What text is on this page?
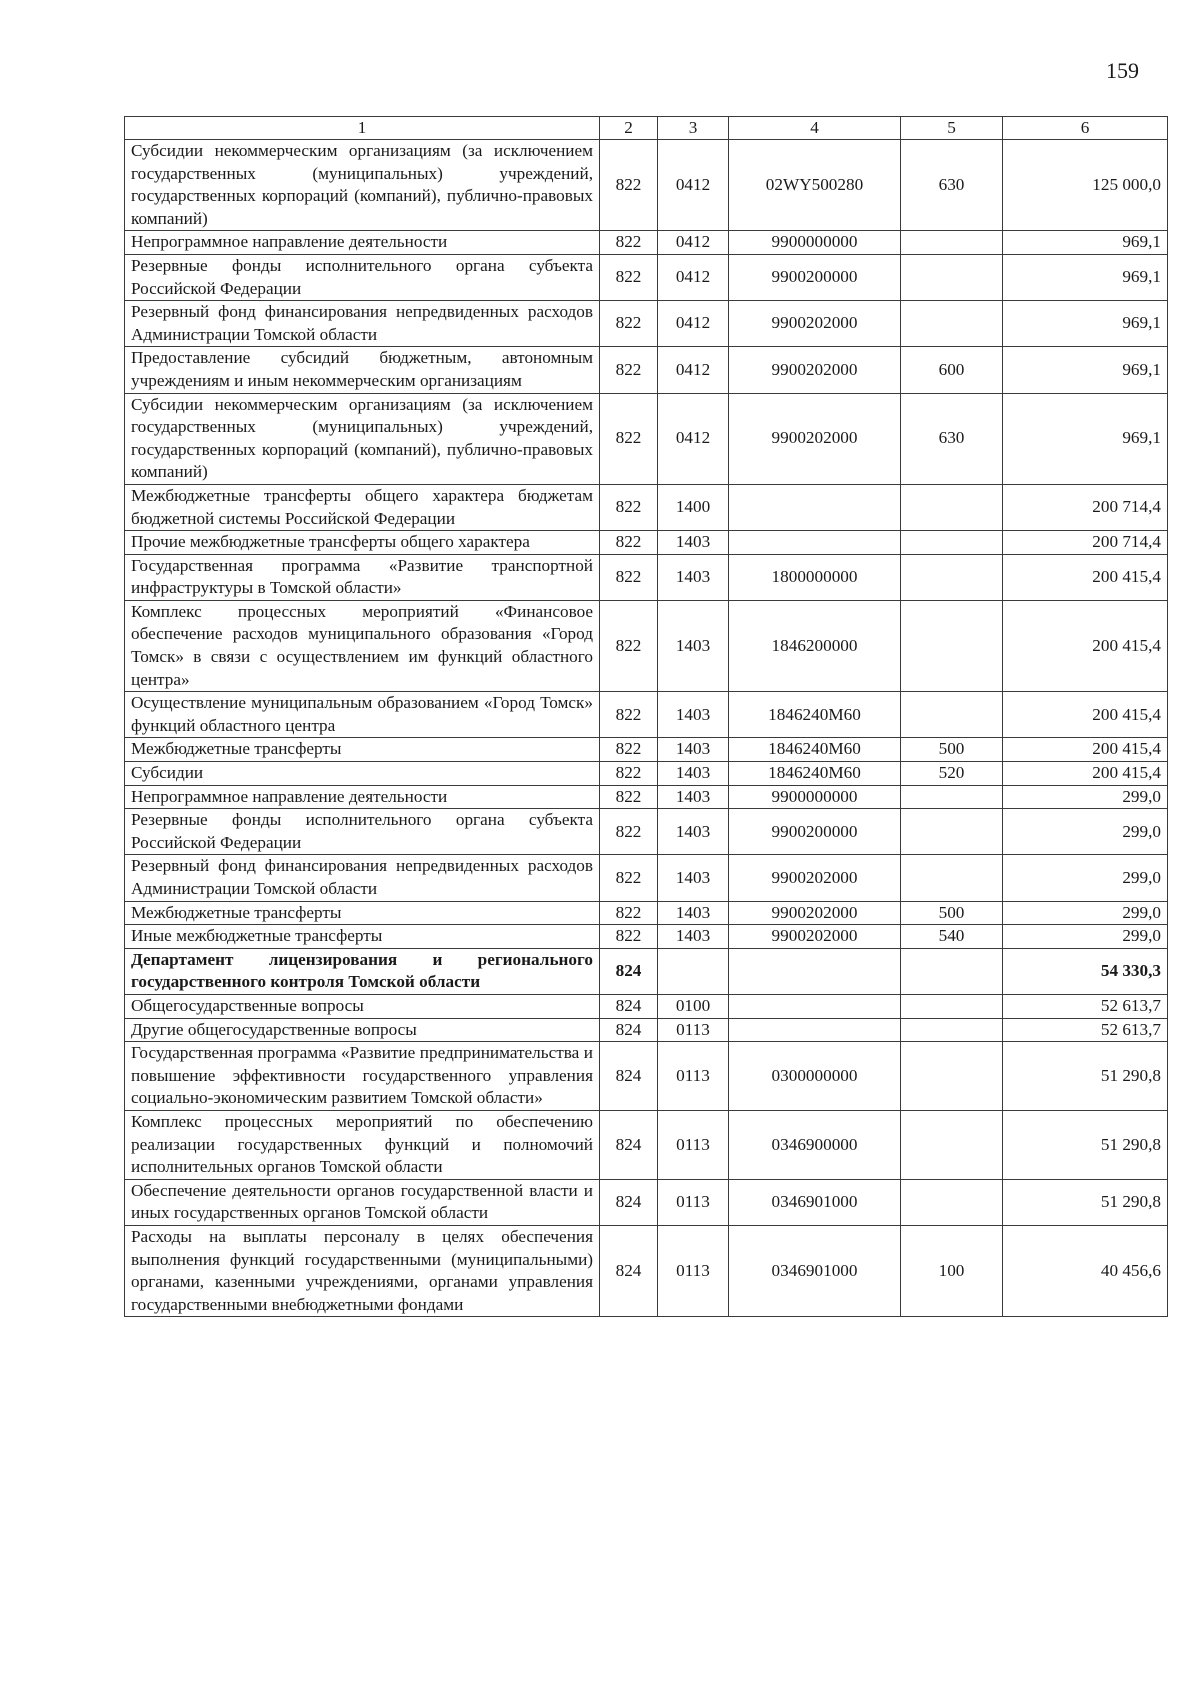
159
1	2	3	4	5	6
Субсидии некоммерческим организациям (за исключением государственных (муниципальных) учреждений, государственных корпораций (компаний), публично-правовых компаний)	822	0412	02WY500280	630	125 000,0
Непрограммное направление деятельности	822	0412	9900000000		969,1
Резервные фонды исполнительного органа субъекта Российской Федерации	822	0412	9900200000		969,1
Резервный фонд финансирования непредвиденных расходов Администрации Томской области	822	0412	9900202000		969,1
Предоставление субсидий бюджетным, автономным учреждениям и иным некоммерческим организациям	822	0412	9900202000	600	969,1
Субсидии некоммерческим организациям (за исключением государственных (муниципальных) учреждений, государственных корпораций (компаний), публично-правовых компаний)	822	0412	9900202000	630	969,1
Межбюджетные трансферты общего характера бюджетам бюджетной системы Российской Федерации	822	1400			200 714,4
Прочие межбюджетные трансферты общего характера	822	1403			200 714,4
Государственная программа «Развитие транспортной инфраструктуры в Томской области»	822	1403	1800000000		200 415,4
Комплекс процессных мероприятий «Финансовое обеспечение расходов муниципального образования «Город Томск» в связи с осуществлением им функций областного центра»	822	1403	1846200000		200 415,4
Осуществление муниципальным образованием «Город Томск» функций областного центра	822	1403	1846240M60		200 415,4
Межбюджетные трансферты	822	1403	1846240M60	500	200 415,4
Субсидии	822	1403	1846240M60	520	200 415,4
Непрограммное направление деятельности	822	1403	9900000000		299,0
Резервные фонды исполнительного органа субъекта Российской Федерации	822	1403	9900200000		299,0
Резервный фонд финансирования непредвиденных расходов Администрации Томской области	822	1403	9900202000		299,0
Межбюджетные трансферты	822	1403	9900202000	500	299,0
Иные межбюджетные трансферты	822	1403	9900202000	540	299,0
Департамент лицензирования и регионального государственного контроля Томской области	824				54 330,3
Общегосударственные вопросы	824	0100			52 613,7
Другие общегосударственные вопросы	824	0113			52 613,7
Государственная программа «Развитие предпринимательства и повышение эффективности государственного управления социально-экономическим развитием Томской области»	824	0113	0300000000		51 290,8
Комплекс процессных мероприятий по обеспечению реализации государственных функций и полномочий исполнительных органов Томской области	824	0113	0346900000		51 290,8
Обеспечение деятельности органов государственной власти и иных государственных органов Томской области	824	0113	0346901000		51 290,8
Расходы на выплаты персоналу в целях обеспечения выполнения функций государственными (муниципальными) органами, казенными учреждениями, органами управления государственными внебюджетными фондами	824	0113	0346901000	100	40 456,6
